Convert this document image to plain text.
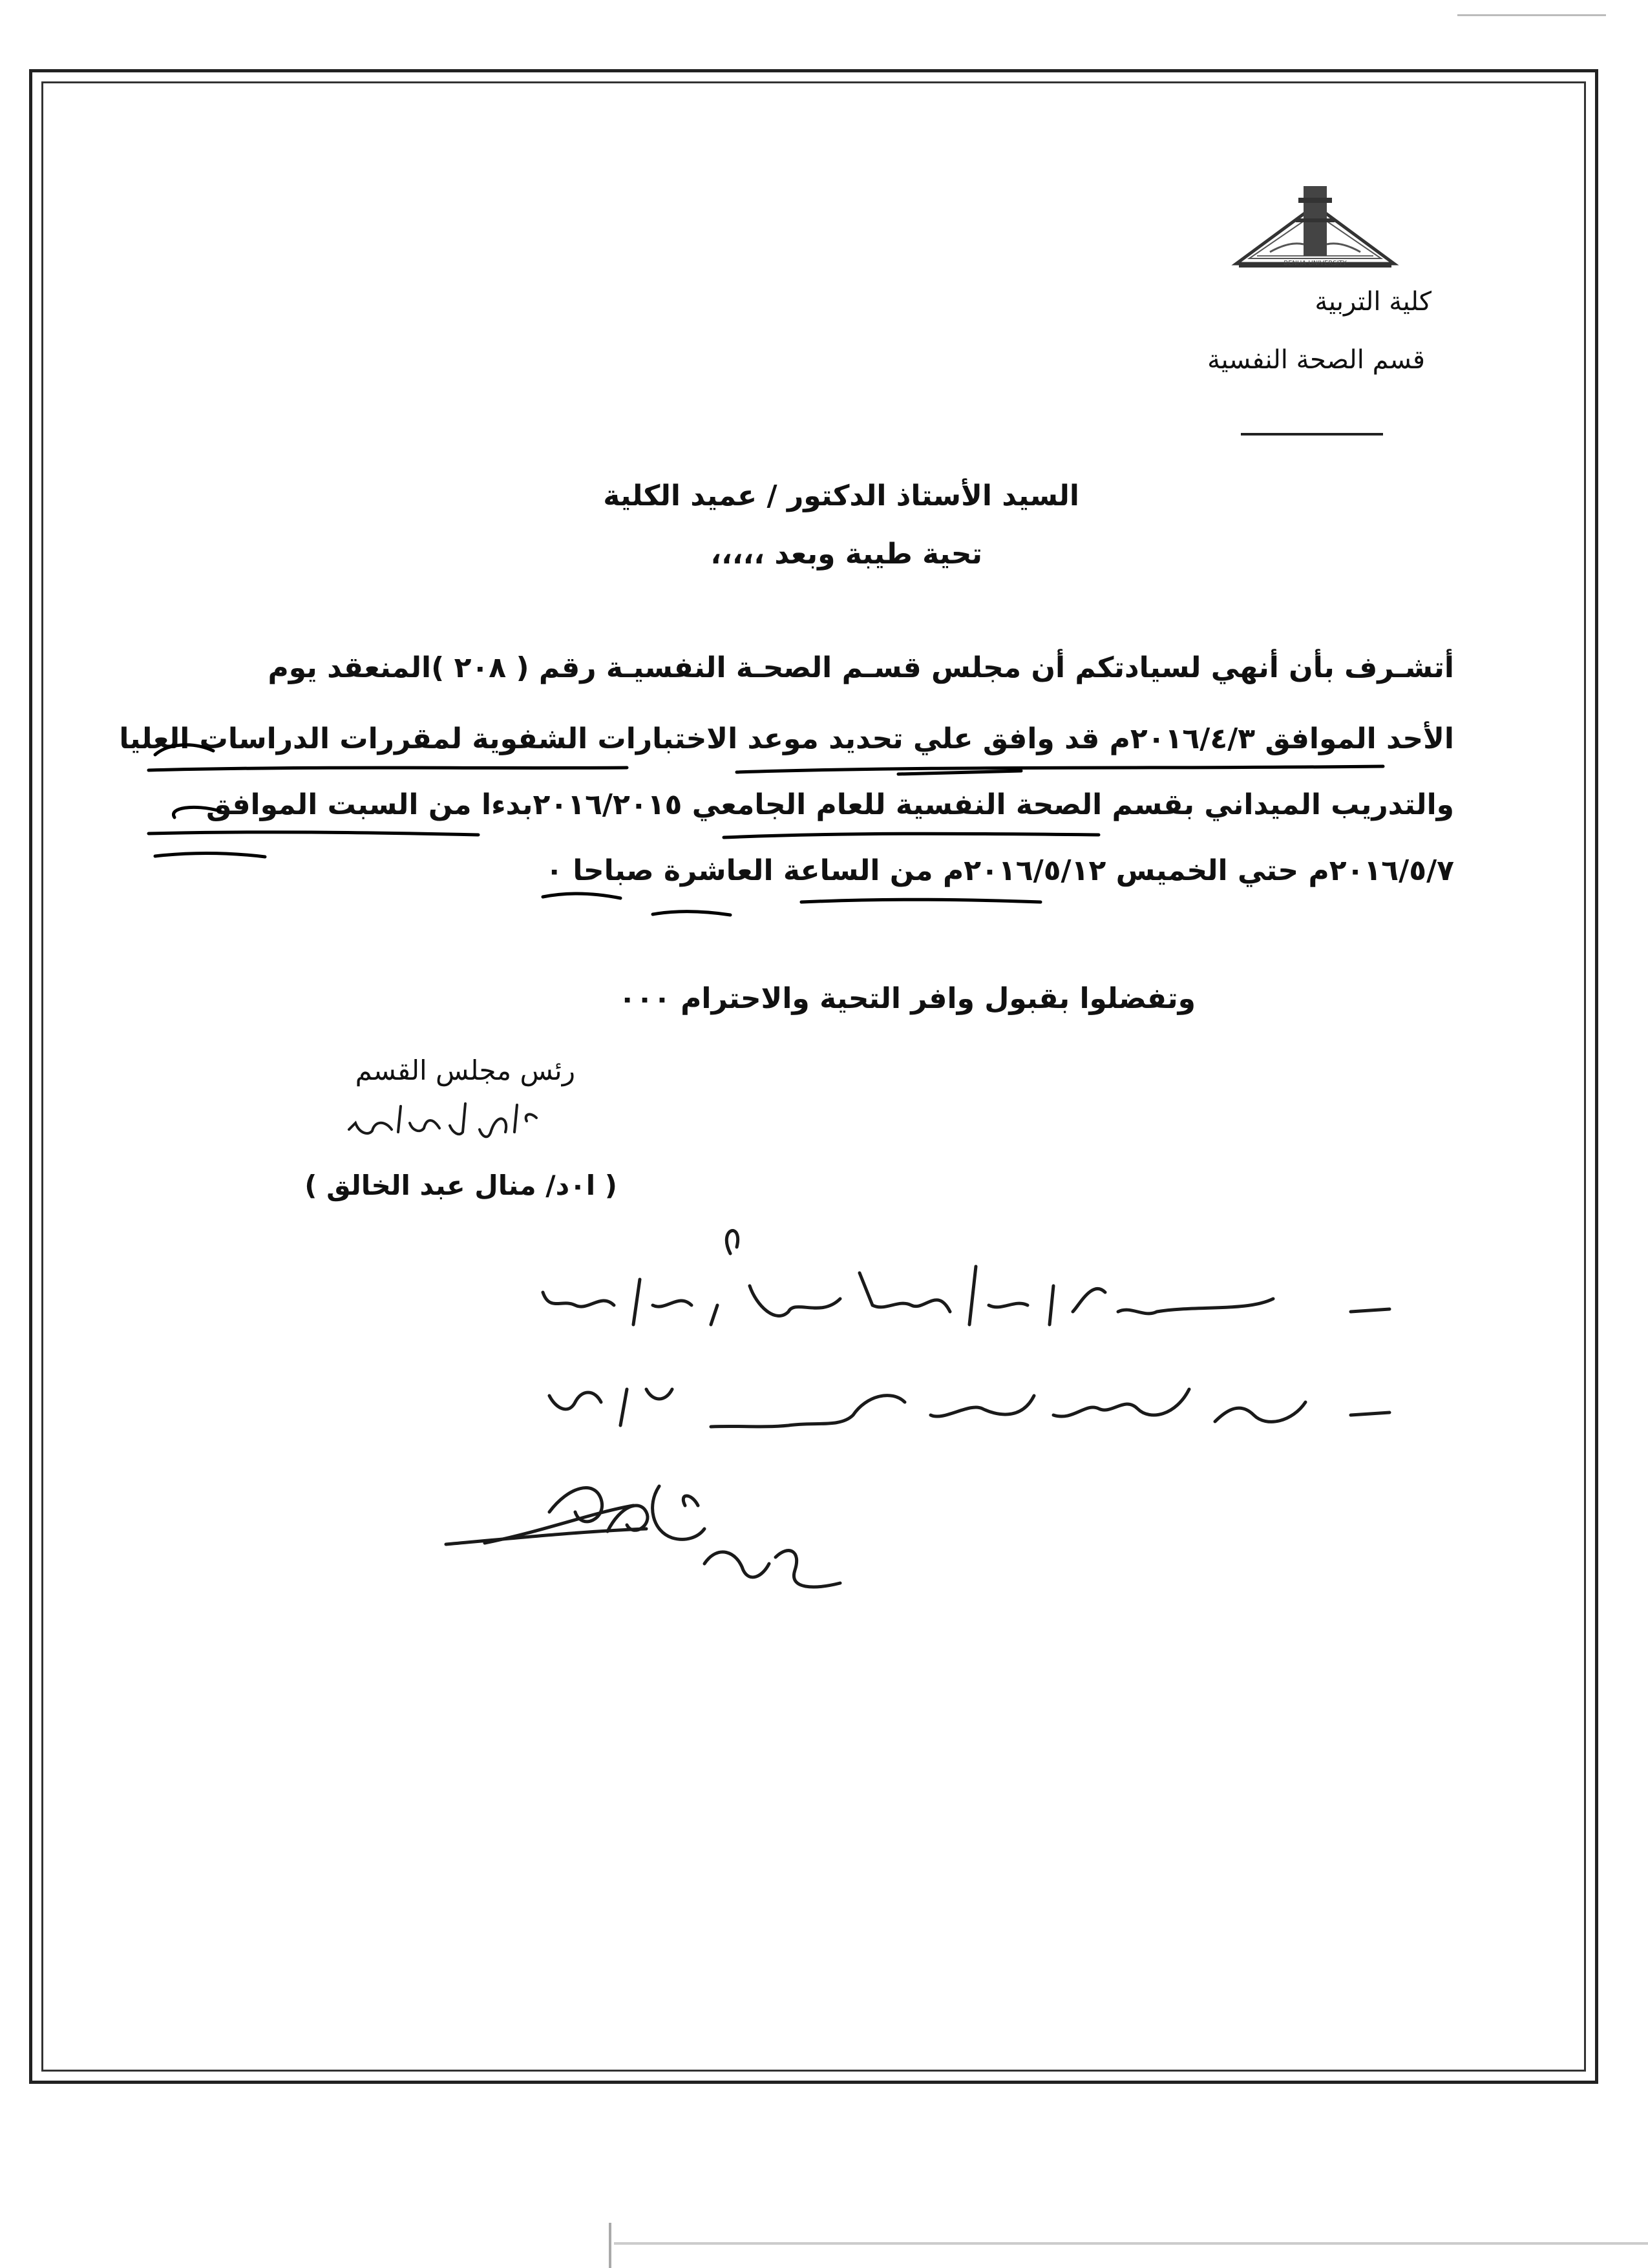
BENHA UNIVERSITY
كلية التربية
قسم الصحة النفسية
السيد الأستاذ الدكتور / عميد الكلية
تحية طيبة وبعد ،،،،،
أتشـرف بأن أنهي لسيادتكم أن مجلس قسـم الصحـة النفسيـة رقم ( ٢٠٨ )المنعقد يوم
الأحد الموافق ٢٠١٦/٤/٣م قد وافق علي تحديد موعد الاختبارات الشفوية لمقررات الدراسات العليا
والتدريب الميداني بقسم الصحة النفسية للعام الجامعي ٢٠١٦/٢٠١٥بدءا من السبت الموافق
٢٠١٦/٥/٧م حتي الخميس ٢٠١٦/٥/١٢م من الساعة العاشرة صباحا ٠
وتفضلوا بقبول وافر التحية والاحترام ٠٠٠
رئس مجلس القسم
( ا٠د/ منال عبد الخالق )
